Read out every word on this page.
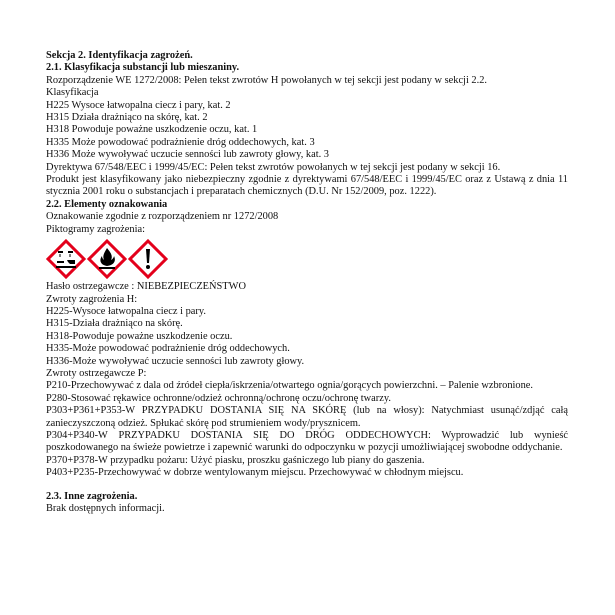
Sekcja 2. Identyfikacja zagrożeń.
2.1. Klasyfikacja substancji lub mieszaniny.
Rozporządzenie WE 1272/2008: Pełen tekst zwrotów H powołanych w tej sekcji jest podany w sekcji 2.2.
Klasyfikacja
H225 Wysoce łatwopalna ciecz i pary, kat. 2
H315 Działa drażniąco na skórę, kat. 2
H318 Powoduje poważne uszkodzenie oczu, kat. 1
H335 Może powodować podrażnienie dróg oddechowych, kat. 3
H336 Może wywoływać uczucie senności lub zawroty głowy, kat. 3
Dyrektywa 67/548/EEC i 1999/45/EC: Pełen tekst zwrotów powołanych w tej sekcji jest podany w sekcji 16.
Produkt jest klasyfikowany jako niebezpieczny zgodnie z dyrektywami 67/548/EEC i 1999/45/EC oraz z Ustawą z dnia 11 stycznia 2001 roku o substancjach i preparatach chemicznych (D.U. Nr 152/2009, poz. 1222).
2.2. Elementy oznakowania
Oznakowanie zgodnie z rozporządzeniem nr 1272/2008
Piktogramy zagrożenia:
Hasło ostrzegawcze : NIEBEZPIECZEŃSTWO
Zwroty zagrożenia H:
H225-Wysoce łatwopalna ciecz i pary.
H315-Działa drażniąco na skórę.
H318-Powoduje poważne uszkodzenie oczu.
H335-Może powodować podrażnienie dróg oddechowych.
H336-Może wywoływać uczucie senności lub zawroty głowy.
Zwroty ostrzegawcze P:
P210-Przechowywać z dala od źródeł ciepła/iskrzenia/otwartego ognia/gorących powierzchni. – Palenie wzbronione.
P280-Stosować rękawice ochronne/odzież ochronną/ochronę oczu/ochronę twarzy.
P303+P361+P353-W PRZYPADKU DOSTANIA SIĘ NA SKÓRĘ (lub na włosy): Natychmiast usunąć/zdjąć całą zanieczyszczoną odzież. Spłukać skórę pod strumieniem wody/prysznicem.
P304+P340-W PRZYPADKU DOSTANIA SIĘ DO DRÓG ODDECHOWYCH: Wyprowadzić lub wynieść poszkodowanego na świeże powietrze i zapewnić warunki do odpoczynku w pozycji umożliwiającej swobodne oddychanie.
P370+P378-W przypadku pożaru: Użyć piasku, proszku gaśniczego lub piany do gaszenia.
P403+P235-Przechowywać w dobrze wentylowanym miejscu. Przechowywać w chłodnym miejscu.
2.3. Inne zagrożenia.
Brak dostępnych informacji.
